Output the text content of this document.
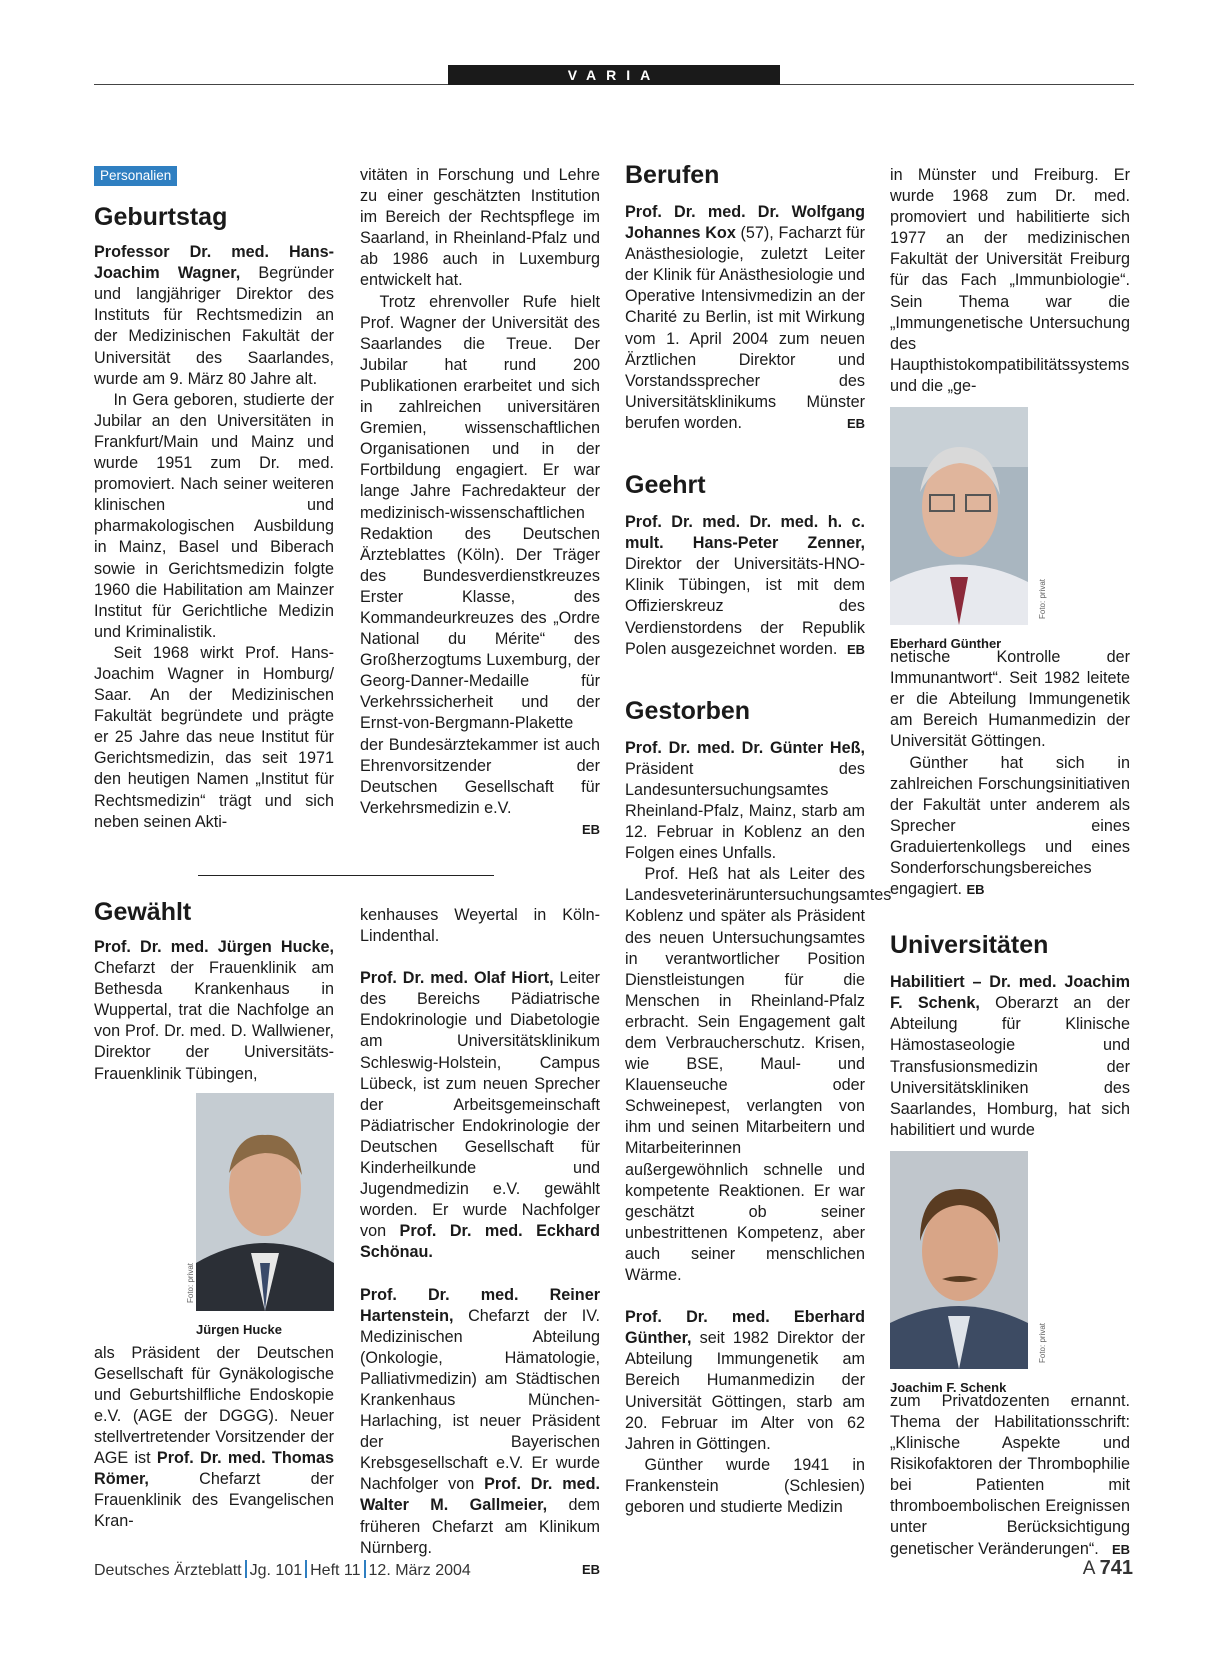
VARIA
Personalien
Geburtstag

Professor Dr. med. Hans-Joachim Wagner, Begründer und langjähriger Direktor des Instituts für Rechtsmedizin an der Medizinischen Fakultät der Universität des Saarlandes, wurde am 9. März 80 Jahre alt.

In Gera geboren, studierte der Jubilar an den Universitäten in Frankfurt/Main und Mainz und wurde 1951 zum Dr. med. promoviert. Nach seiner weiteren klinischen und pharmakologischen Ausbildung in Mainz, Basel und Biberach sowie in Gerichtsmedizin folgte 1960 die Habilitation am Mainzer Institut für Gerichtliche Medizin und Kriminalistik.

Seit 1968 wirkt Prof. Hans-Joachim Wagner in Homburg/ Saar. An der Medizinischen Fakultät begründete und prägte er 25 Jahre das neue Institut für Gerichtsmedizin, das seit 1971 den heutigen Namen „Institut für Rechtsmedizin“ trägt und sich neben seinen Akti-

vitäten in Forschung und Lehre zu einer geschätzten Institution im Bereich der Rechtspflege im Saarland, in Rheinland-Pfalz und ab 1986 auch in Luxemburg entwickelt hat.

Trotz ehrenvoller Rufe hielt Prof. Wagner der Universität des Saarlandes die Treue. Der Jubilar hat rund 200 Publikationen erarbeitet und sich in zahlreichen universitären Gremien, wissenschaftlichen Organisationen und in der Fortbildung engagiert. Er war lange Jahre Fachredakteur der medizinisch-wissenschaftlichen Redaktion des Deutschen Ärzteblattes (Köln). Der Träger des Bundesverdienstkreuzes Erster Klasse, des Kommandeurkreuzes des „Ordre National du Mérite“ des Großherzogtums Luxemburg, der Georg-Danner-Medaille für Verkehrssicherheit und der Ernst-von-Bergmann-Plakette der Bundesärztekammer ist auch Ehrenvorsitzender der Deutschen Gesellschaft für Verkehrsmedizin e.V.

EB

Gewählt

Prof. Dr. med. Jürgen Hucke, Chefarzt der Frauenklinik am Bethesda Krankenhaus in Wuppertal, trat die Nachfolge an von Prof. Dr. med. D. Wallwiener, Direktor der Universitäts-Frauenklinik Tübingen,

Foto: privat
Jürgen Hucke

als Präsident der Deutschen Gesellschaft für Gynäkologische und Geburtshilfliche Endoskopie e.V. (AGE der DGGG). Neuer stellvertretender Vorsitzender der AGE ist Prof. Dr. med. Thomas Römer, Chefarzt der Frauenklinik des Evangelischen Kran-

kenhauses Weyertal in Köln-Lindenthal.

Prof. Dr. med. Olaf Hiort, Leiter des Bereichs Pädiatrische Endokrinologie und Diabetologie am Universitätsklinikum Schleswig-Holstein, Campus Lübeck, ist zum neuen Sprecher der Arbeitsgemeinschaft Pädiatrischer Endokrinologie der Deutschen Gesellschaft für Kinderheilkunde und Jugendmedizin e.V. gewählt worden. Er wurde Nachfolger von Prof. Dr. med. Eckhard Schönau.

Prof. Dr. med. Reiner Hartenstein, Chefarzt der IV. Medizinischen Abteilung (Onkologie, Hämatologie, Palliativmedizin) am Städtischen Krankenhaus München-Harlaching, ist neuer Präsident der Bayerischen Krebsgesellschaft e.V. Er wurde Nachfolger von Prof. Dr. med. Walter M. Gallmeier, dem früheren Chefarzt am Klinikum Nürnberg.

EB

Berufen

Prof. Dr. med. Dr. Wolfgang Johannes Kox (57), Facharzt für Anästhesiologie, zuletzt Leiter der Klinik für Anästhesiologie und Operative Intensivmedizin an der Charité zu Berlin, ist mit Wirkung vom 1. April 2004 zum neuen Ärztlichen Direktor und Vorstandssprecher des Universitätsklinikums Münster berufen worden.	EB

Geehrt

Prof. Dr. med. Dr. med. h. c. mult. Hans-Peter Zenner, Direktor der Universitäts-HNO-Klinik Tübingen, ist mit dem Offizierskreuz des Verdienstordens der Republik Polen ausgezeichnet worden. EB

Gestorben

Prof. Dr. med. Dr. Günter Heß, Präsident des Landesuntersuchungsamtes Rheinland-Pfalz, Mainz, starb am 12. Februar in Koblenz an den Folgen eines Unfalls.

Prof. Heß hat als Leiter des Landesveterinäruntersuchungsamtes Koblenz und später als Präsident des neuen Untersuchungsamtes in verantwortlicher Position Dienstleistungen für die Menschen in Rheinland-Pfalz erbracht. Sein Engagement galt dem Verbraucherschutz. Krisen, wie BSE, Maul- und Klauenseuche oder Schweinepest, verlangten von ihm und seinen Mitarbeitern und Mitarbeiterinnen außergewöhnlich schnelle und kompetente Reaktionen. Er war geschätzt ob seiner unbestrittenen Kompetenz, aber auch seiner menschlichen Wärme.

Prof. Dr. med. Eberhard Günther, seit 1982 Direktor der Abteilung Immungenetik am Bereich Humanmedizin der Universität Göttingen, starb am 20. Februar im Alter von 62 Jahren in Göttingen.

Günther wurde 1941 in Frankenstein (Schlesien) geboren und studierte Medizin

in Münster und Freiburg. Er wurde 1968 zum Dr. med. promoviert und habilitierte sich 1977 an der medizinischen Fakultät der Universität Freiburg für das Fach „Immunbiologie“. Sein Thema war die „Immungenetische Untersuchung des Haupthistokompatibilitätssystems und die „ge-

Foto: privat
Eberhard Günther

netische Kontrolle der Immunantwort“. Seit 1982 leitete er die Abteilung Immungenetik am Bereich Humanmedizin der Universität Göttingen.

Günther hat sich in zahlreichen Forschungsinitiativen der Fakultät unter anderem als Sprecher eines Graduiertenkollegs und eines Sonderforschungsbereiches engagiert. EB

Universitäten

Habilitiert – Dr. med. Joachim F. Schenk, Oberarzt an der Abteilung für Klinische Hämostaseologie und Transfusionsmedizin der Universitätskliniken des Saarlandes, Homburg, hat sich habilitiert und wurde

Foto: privat
Joachim F. Schenk

zum Privatdozenten ernannt. Thema der Habilitationsschrift: „Klinische Aspekte und Risikofaktoren der Thrombophilie bei Patienten mit thromboembolischen Ereignissen unter Berücksichtigung genetischer Veränderungen“. EB

Deutsches Ärzteblatt Jg. 101 Heft 11 12. März 2004	A 741
